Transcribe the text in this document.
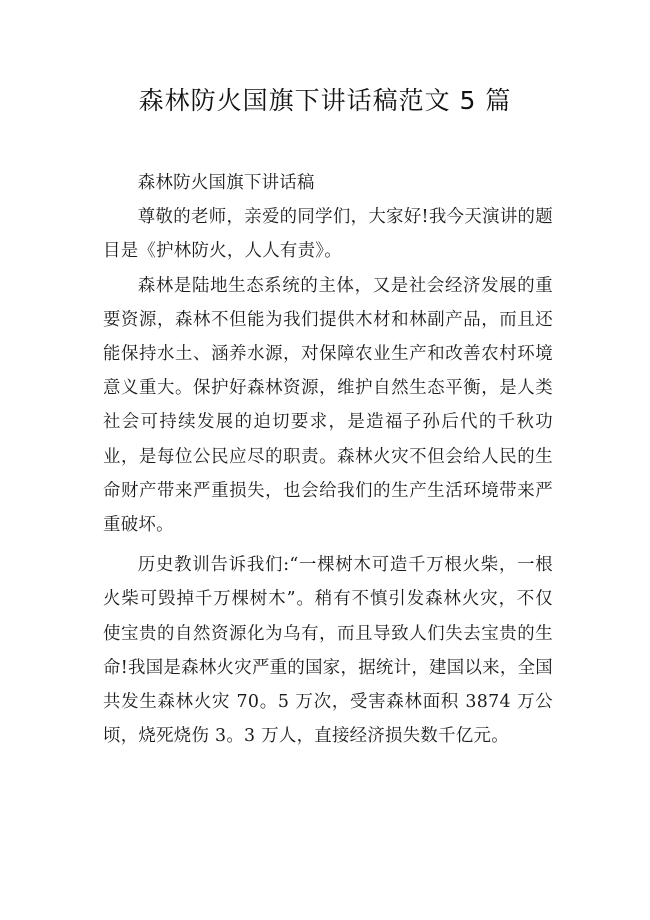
森林防火国旗下讲话稿范文 5 篇

森林防火国旗下讲话稿

尊敬的老师，亲爱的同学们，大家好!我今天演讲的题目是《护林防火，人人有责》。

森林是陆地生态系统的主体，又是社会经济发展的重要资源，森林不但能为我们提供木材和林副产品，而且还能保持水土、涵养水源，对保障农业生产和改善农村环境意义重大。保护好森林资源，维护自然生态平衡，是人类社会可持续发展的迫切要求，是造福子孙后代的千秋功业，是每位公民应尽的职责。森林火灾不但会给人民的生命财产带来严重损失，也会给我们的生产生活环境带来严重破坏。

历史教训告诉我们:“一棵树木可造千万根火柴，一根火柴可毁掉千万棵树木”。稍有不慎引发森林火灾，不仅使宝贵的自然资源化为乌有，而且导致人们失去宝贵的生命!我国是森林火灾严重的国家，据统计，建国以来，全国共发生森林火灾 70。5 万次，受害森林面积 3874 万公顷，烧死烧伤 3。3 万人，直接经济损失数千亿元。
